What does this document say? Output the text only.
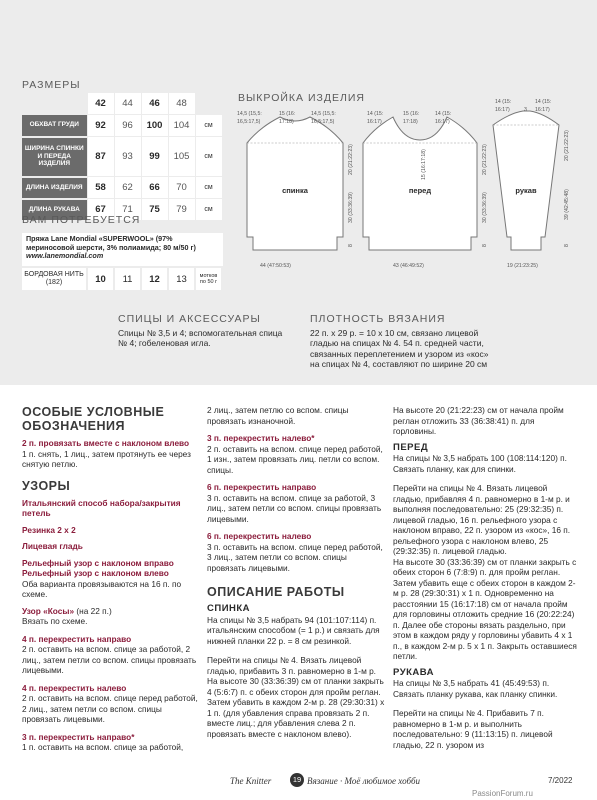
РАЗМЕРЫ
	42	44	46	48	
ОБХВАТ ГРУДИ	92	96	100	104	см
ШИРИНА СПИНКИ И ПЕРЕДА ИЗДЕЛИЯ	87	93	99	105	см
ДЛИНА ИЗДЕЛИЯ	58	62	66	70	см
ДЛИНА РУКАВА	67	71	75	79	см
ВАМ ПОТРЕБУЕТСЯ
Пряжа Lane Mondial «SUPERWOOL» (97% мериносовой шерсти, 3% полиамида; 80 м/50 г)
www.lanemondial.com
БОРДОВАЯ НИТЬ (182)	10	11	12	13	мотков по 50 г
ВЫКРОЙКА ИЗДЕЛИЯ
спинка	перед	рукав
14,5 (15,5:
16,5:17,5)
15 (16:
17:18)
14,5 (15,5:
16,5:17,5)
44 (47:50:53)
14 (15:
16:17)
15 (16:
17:18)
14 (15:
16:17)
43 (46:49:52)
14 (15:
16:17)	3
14 (15:
16:17)
19 (21:23:25)
20 (21:22:23)
30 (33:36:39)
8
15 (16:17:18)	20 (21:22:23)
30 (33:36:39)
8
20 (21:22:23)
39 (42:45:48)
8
СПИЦЫ И АКСЕССУАРЫ
Спицы № 3,5 и 4; вспомогательная спица № 4; гобеленовая игла.
ПЛОТНОСТЬ ВЯЗАНИЯ
22 п. х 29 р. = 10 х 10 см, связано лицевой гладью на спицах № 4. 54 п. средней части, связанных переплетением и узором из «кос» на спицах № 4, составляют по ширине 20 см
ОСОБЫЕ УСЛОВНЫЕ ОБОЗНАЧЕНИЯ
2 п. провязать вместе с наклоном влево

1 п. снять, 1 лиц., затем протянуть ее через снятую петлю.

УЗОРЫ
Итальянский способ набора/закрытия петель
Резинка 2 х 2
Лицевая гладь
Рельефный узор с наклоном вправо
Рельефный узор с наклоном влево

Оба варианта провязываются на 16 п. по схеме.

Узор «Косы» (на 22 п.)

Вязать по схеме.

4 п. перекрестить направо

2 п. оставить на вспом. спице за работой, 2 лиц., затем петли со вспом. спицы провязать лицевыми.

4 п. перекрестить налево

2 п. оставить на вспом. спице перед работой, 2 лиц., затем петли со вспом. спицы провязать лицевыми.

3 п. перекрестить направо*

1 п. оставить на вспом. спице за работой,

2 лиц., затем петлю со вспом. спицы провязать изнаночной.

3 п. перекрестить налево*

2 п. оставить на вспом. спице перед работой, 1 изн., затем провязать лиц. петли со вспом. спицы.

6 п. перекрестить направо

3 п. оставить на вспом. спице за работой, 3 лиц., затем петли со вспом. спицы провязать лицевыми.

6 п. перекрестить налево

3 п. оставить на вспом. спице перед работой, 3 лиц., затем петли со вспом. спицы провязать лицевыми.

ОПИСАНИЕ РАБОТЫ
СПИНКА

На спицы № 3,5 набрать 94 (101:107:114) п. итальянским способом (= 1 р.) и связать для нижней планки 22 р. = 8 см резинкой.

Перейти на спицы № 4. Вязать лицевой гладью, прибавить 3 п. равномерно в 1-м р. На высоте 30 (33:36:39) см от планки закрыть 4 (5:6:7) п. с обеих сторон для пройм реглан. Затем убавить в каждом 2-м р. 28 (29:30:31) х 1 п. (для убавления справа провязать 2 п. вместе лиц.; для убавления слева 2 п. провязать вместе с наклоном влево).

На высоте 20 (21:22:23) см от начала пройм реглан отложить 33 (36:38:41) п. для горловины.

ПЕРЕД

На спицы № 3,5 набрать 100 (108:114:120) п. Связать планку, как для спинки.

Перейти на спицы № 4. Вязать лицевой гладью, прибавляя 4 п. равномерно в 1-м р. и выполняя последовательно: 25 (29:32:35) п. лицевой гладью, 16 п. рельефного узора с наклоном вправо, 22 п. узором из «кос», 16 п. рельефного узора с наклоном влево, 25 (29:32:35) п. лицевой гладью.

На высоте 30 (33:36:39) см от планки закрыть с обеих сторон 6 (7:8:9) п. для пройм реглан. Затем убавить еще с обеих сторон в каждом 2-м р. 28 (29:30:31) х 1 п. Одновременно на расстоянии 15 (16:17:18) см от начала пройм для горловины отложить средние 16 (20:22:24) п. Далее обе стороны вязать раздельно, при этом в каждом ряду у горловины убавить 4 х 1 п., в каждом 2-м р. 5 х 1 п. Закрыть оставшиеся петли.

РУКАВА

На спицы № 3,5 набрать 41 (45:49:53) п. Связать планку рукава, как планку спинки.

Перейти на спицы № 4. Прибавить 7 п. равномерно в 1-м р. и выполнить последовательно: 9 (11:13:15) п. лицевой гладью, 22 п. узором из

The Knitter	19 Вязание · Моё любимое хобби	7/2022
PassionForum.ru
